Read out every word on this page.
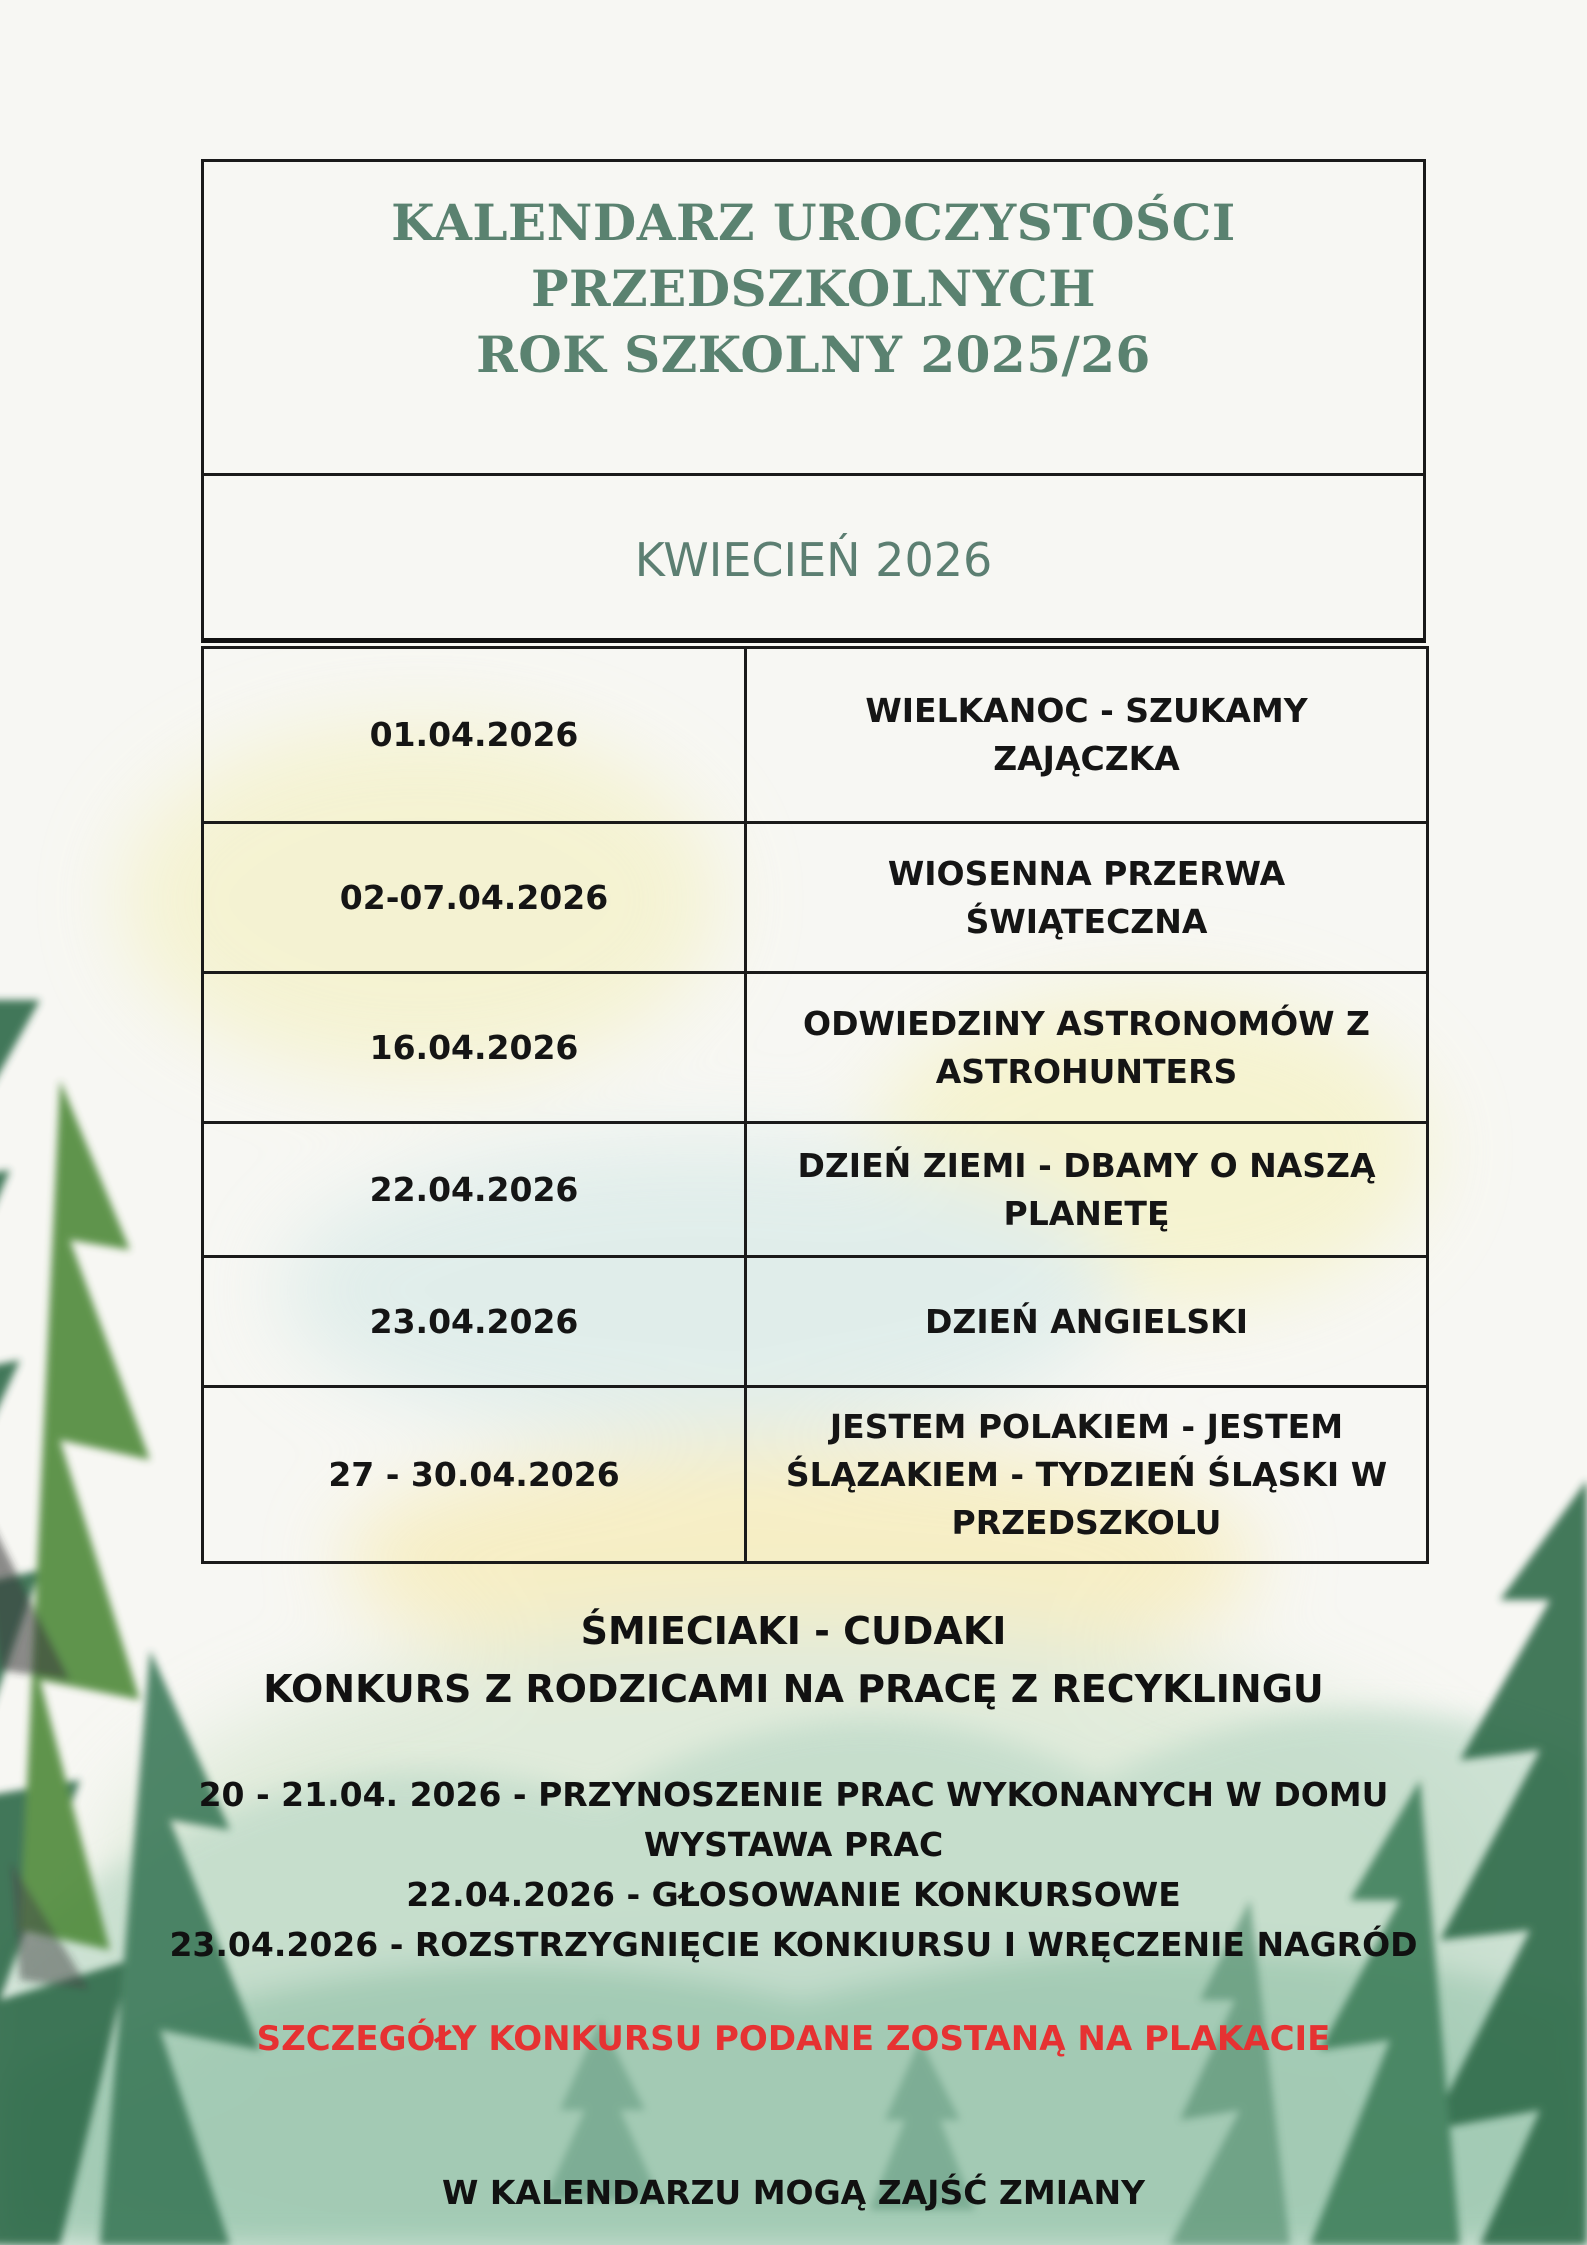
KALENDARZ UROCZYSTOŚCI
PRZEDSZKOLNYCH
ROK SZKOLNY 2025/26
KWIECIEŃ 2026
01.04.2026	WIELKANOC - SZUKAMY ZAJĄCZKA

02-07.04.2026	WIOSENNA PRZERWA ŚWIĄTECZNA

16.04.2026	ODWIEDZINY ASTRONOMÓW Z
ASTROHUNTERS

22.04.2026	DZIEŃ ZIEMI - DBAMY O NASZĄ
PLANETĘ

23.04.2026	DZIEŃ ANGIELSKI

27 - 30.04.2026	JESTEM POLAKIEM - JESTEM
ŚLĄZAKIEM - TYDZIEŃ ŚLĄSKI W
PRZEDSZKOLU
ŚMIECIAKI - CUDAKI
KONKURS Z RODZICAMI NA PRACĘ Z RECYKLINGU
20 - 21.04. 2026 - PRZYNOSZENIE PRAC WYKONANYCH W DOMU
WYSTAWA PRAC
22.04.2026 - GŁOSOWANIE KONKURSOWE
23.04.2026 - ROZSTRZYGNIĘCIE KONKIURSU I WRĘCZENIE NAGRÓD
SZCZEGÓŁY KONKURSU PODANE ZOSTANĄ NA PLAKACIE
W KALENDARZU MOGĄ ZAJŚĆ ZMIANY
